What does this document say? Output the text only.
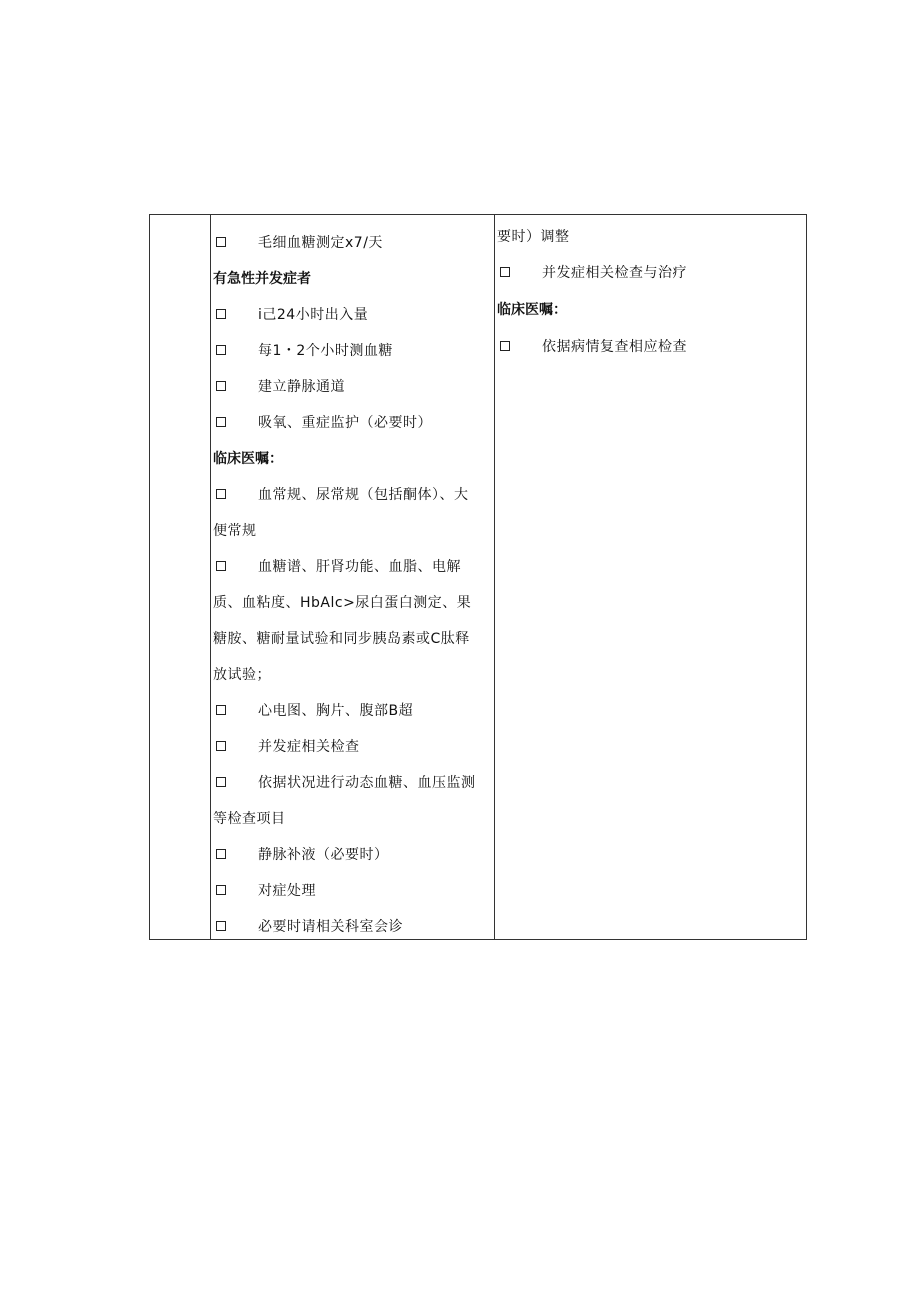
毛细血糖测定x7/天
有急性并发症者
i己24小时出入量
每1・2个小时测血糖
建立静脉通道
吸氧、重症监护（必要时）
临床医嘱：
血常规、尿常规（包括酮体）、大
便常规
血糖谱、肝肾功能、血脂、电解
质、血粘度、HbAlc>尿白蛋白测定、果
糖胺、糖耐量试验和同步胰岛素或C肽释
放试验；
心电图、胸片、腹部B超
并发症相关检查
依据状况进行动态血糖、血压监测
等检查项目
静脉补液（必要时）
对症处理
必要时请相关科室会诊
要时）调整
并发症相关检查与治疗
临床医嘱：
依据病情复查相应检查
